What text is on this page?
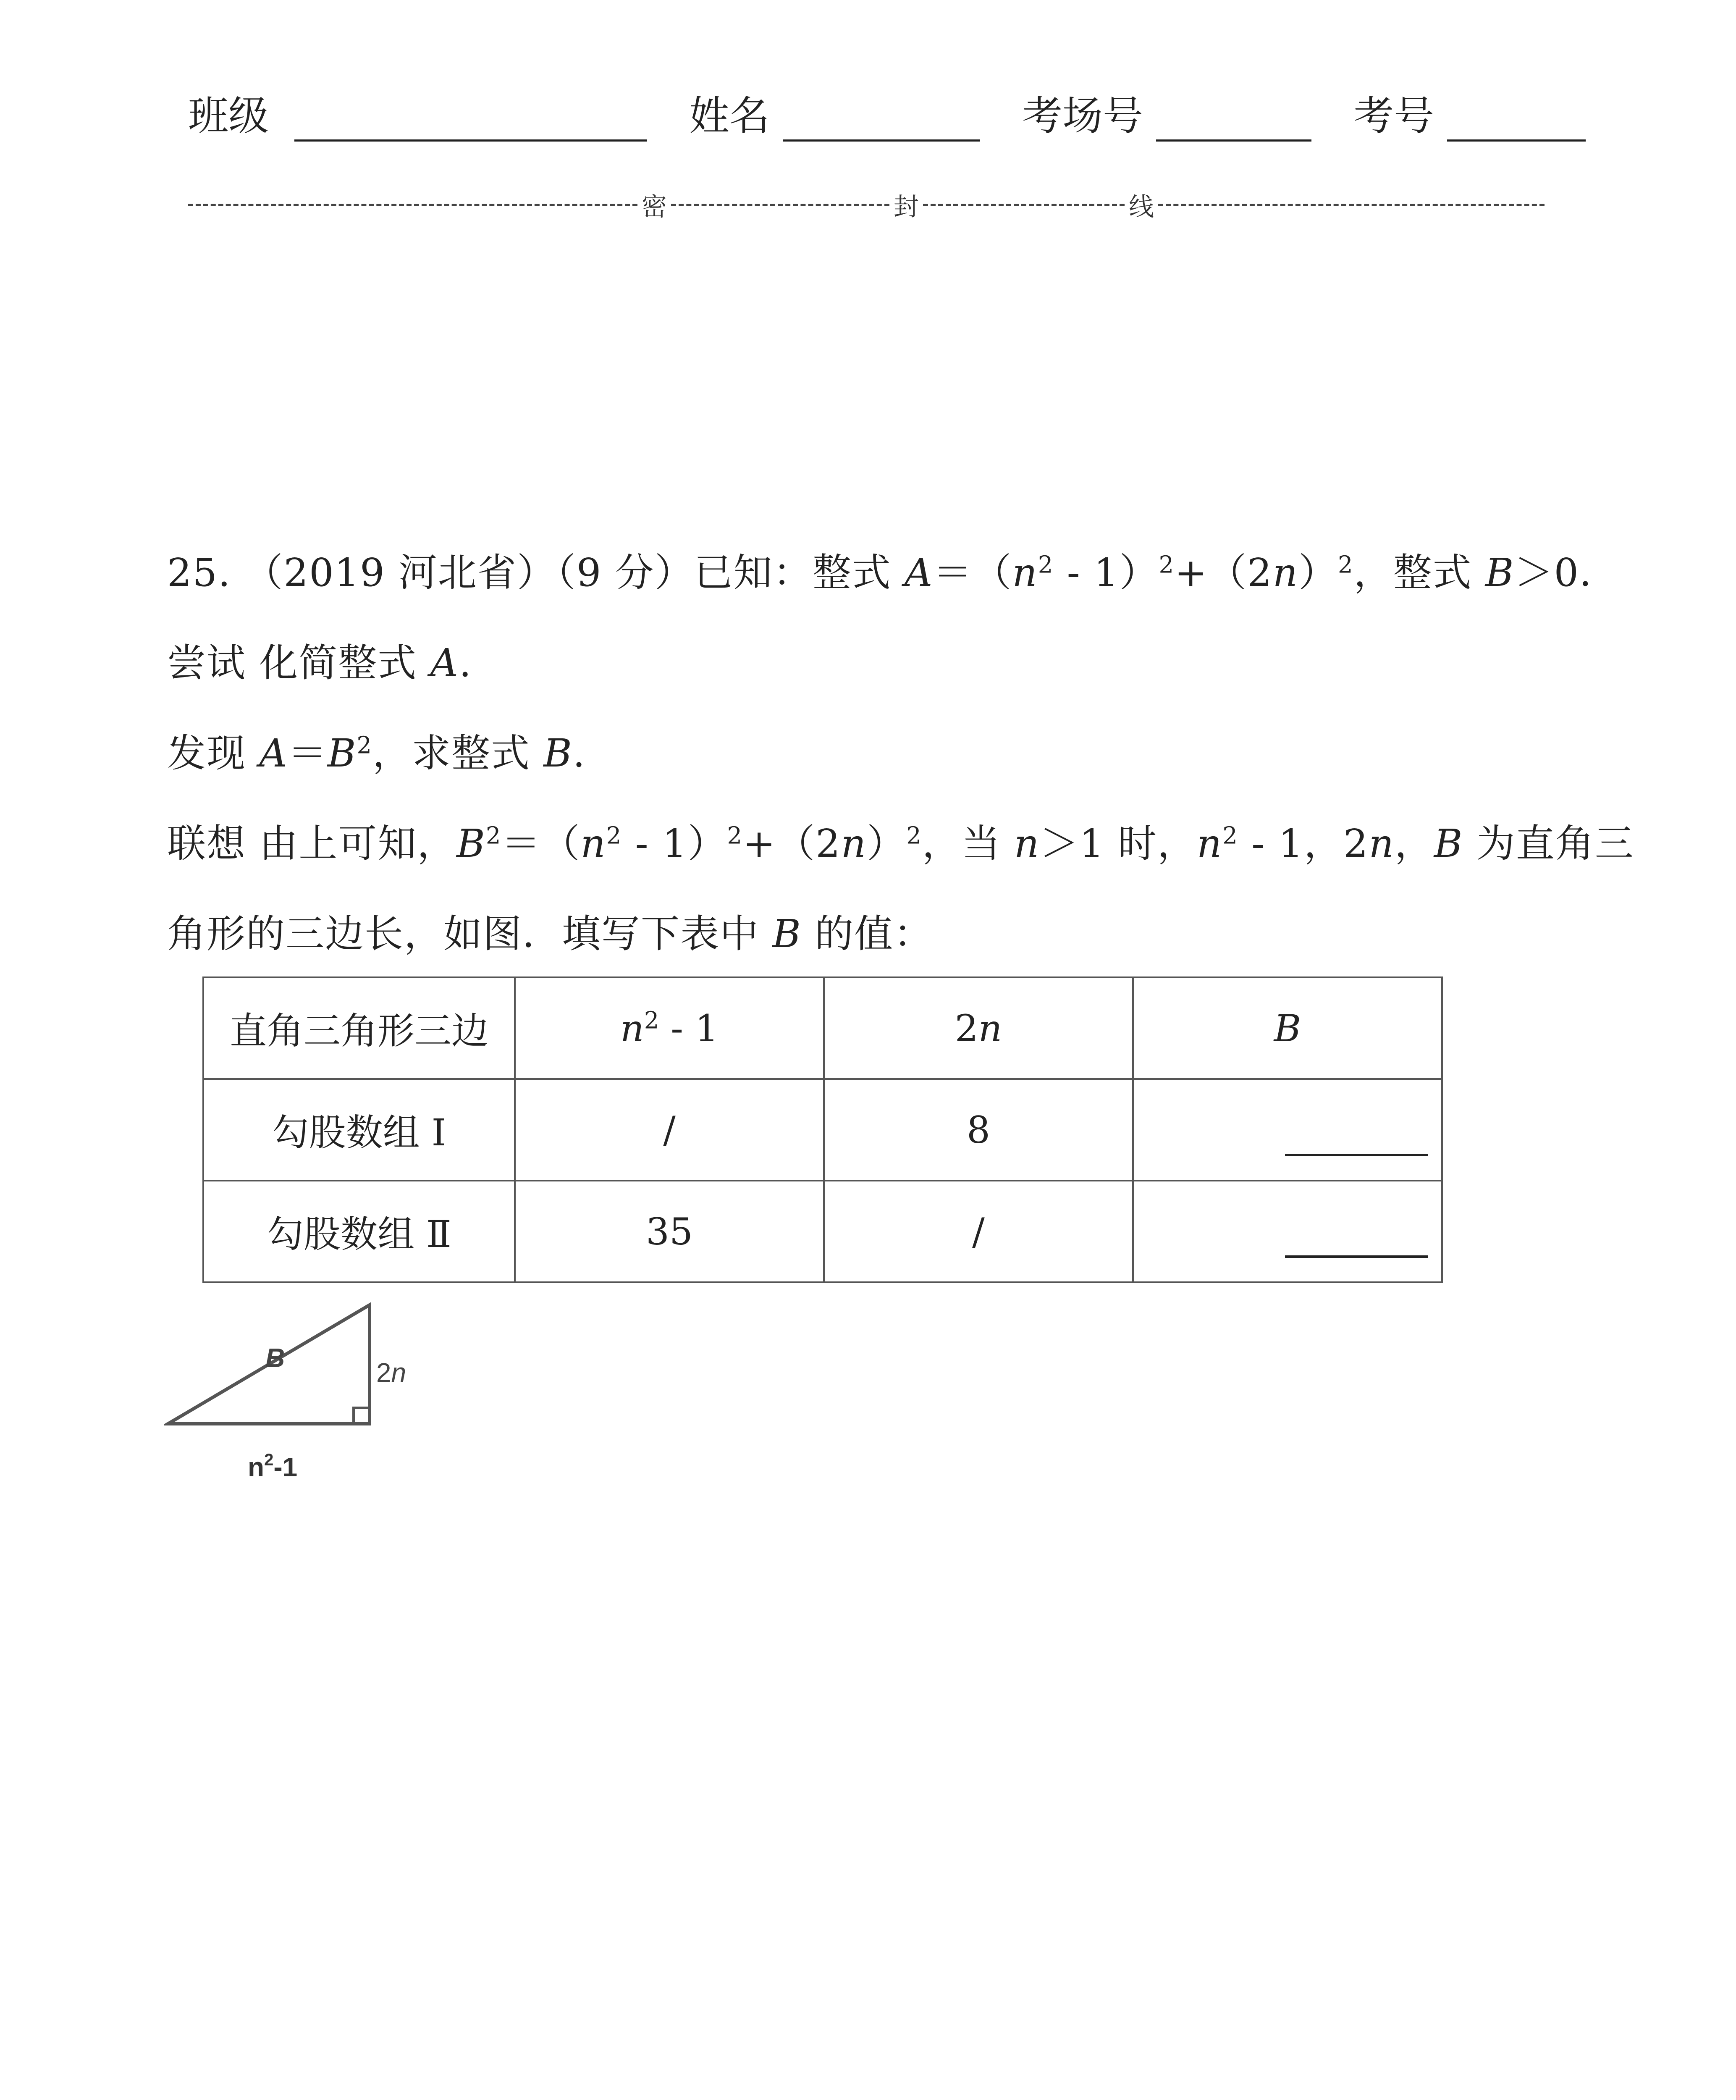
班级	姓名	考场号	考号
密	封	线
25. （2019 河北省）（9 分）已知：整式 $A=(n^2 - 1)^2+(2n)^2$，整式 B＞0．
尝试 化简整式 A.
发现 $A=B^2$，求整式 B.
联想 由上可知，$B^2=(n^2 - 1)^2+(2n)^2$，当 n＞1 时，$n^2 - 1$，2n，B 为直角三
角形的三边长，如图．填写下表中 B 的值：
直角三角形三边	$n^2 - 1$	2n	B
勾股数组 Ⅰ	/	8	
勾股数组 Ⅱ	35	/	
B	2n
$n^2-1$
